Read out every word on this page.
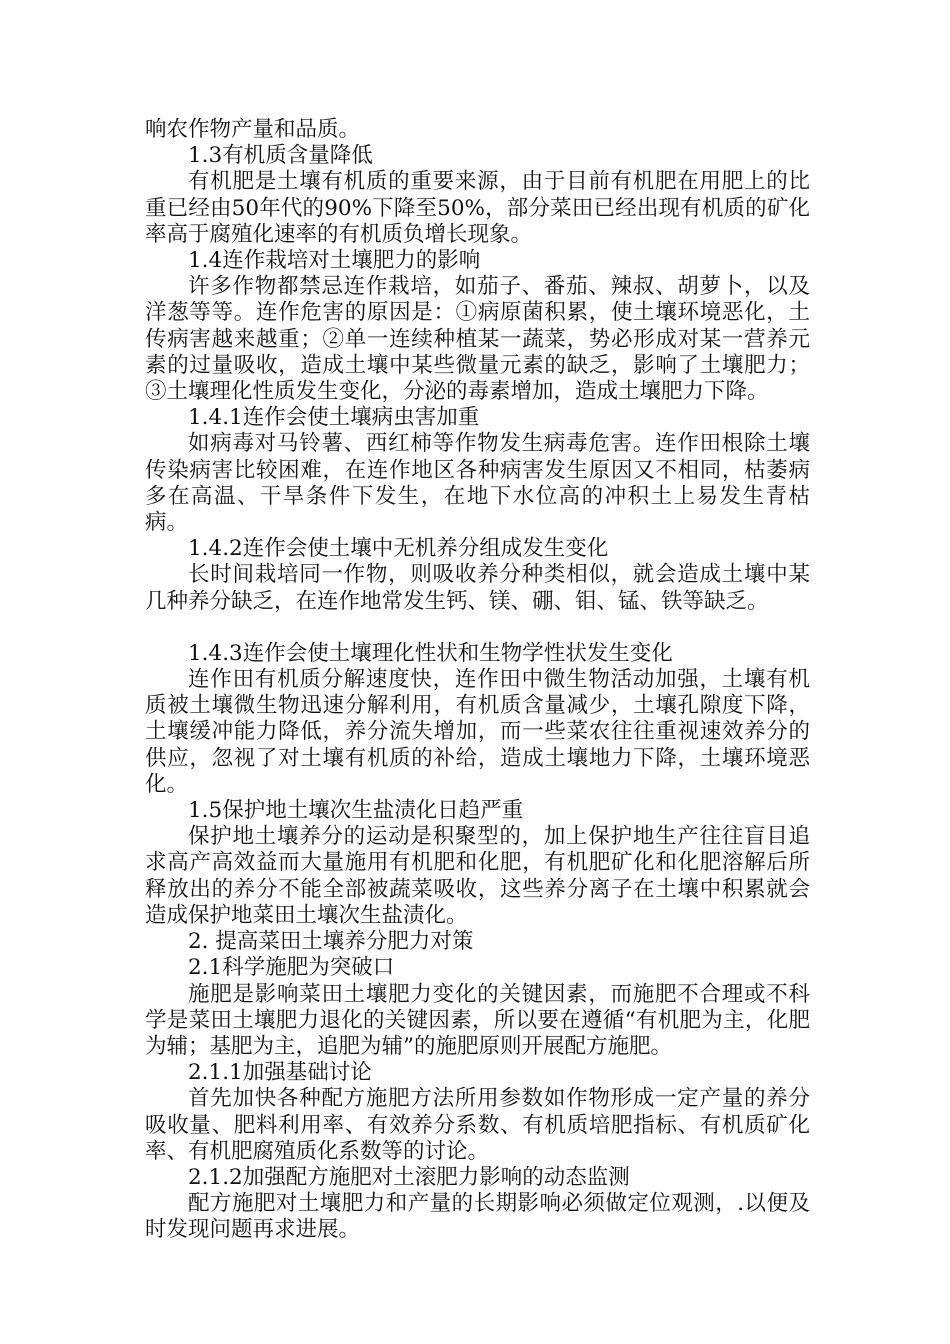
响农作物产量和品质。

1.3有机质含量降低

有机肥是土壤有机质的重要来源，由于目前有机肥在用肥上的比重已经由50年代的90%下降至50%，部分菜田已经出现有机质的矿化率高于腐殖化速率的有机质负增长现象。

1.4连作栽培对土壤肥力的影响

许多作物都禁忌连作栽培，如茄子、番茄、辣叔、胡萝卜，以及洋葱等等。连作危害的原因是：①病原菌积累，使土壤环境恶化，土传病害越来越重；②单一连续种植某一蔬菜，势必形成对某一营养元素的过量吸收，造成土壤中某些微量元素的缺乏，影响了土壤肥力；③土壤理化性质发生变化，分泌的毒素增加，造成土壤肥力下降。

1.4.1连作会使土壤病虫害加重

如病毒对马铃薯、西红柿等作物发生病毒危害。连作田根除土壤传染病害比较困难，在连作地区各种病害发生原因又不相同，枯萎病多在高温、干旱条件下发生，在地下水位高的冲积土上易发生青枯病。

1.4.2连作会使土壤中无机养分组成发生变化

长时间栽培同一作物，则吸收养分种类相似，就会造成土壤中某几种养分缺乏，在连作地常发生钙、镁、硼、钼、锰、铁等缺乏。

1.4.3连作会使土壤理化性状和生物学性状发生变化

连作田有机质分解速度快，连作田中微生物活动加强，土壤有机质被土壤微生物迅速分解利用，有机质含量减少，土壤孔隙度下降，土壤缓冲能力降低，养分流失增加，而一些菜农往往重视速效养分的供应，忽视了对土壤有机质的补给，造成土壤地力下降，土壤环境恶化。

1.5保护地土壤次生盐渍化日趋严重

保护地土壤养分的运动是积聚型的，加上保护地生产往往盲目追求高产高效益而大量施用有机肥和化肥，有机肥矿化和化肥溶解后所释放出的养分不能全部被蔬菜吸收，这些养分离子在土壤中积累就会造成保护地菜田土壤次生盐渍化。

2. 提高菜田土壤养分肥力对策

2.1科学施肥为突破口

施肥是影响菜田土壤肥力变化的关键因素，而施肥不合理或不科学是菜田土壤肥力退化的关键因素，所以要在遵循“有机肥为主，化肥为辅；基肥为主，追肥为辅”的施肥原则开展配方施肥。

2.1.1加强基础讨论

首先加快各种配方施肥方法所用参数如作物形成一定产量的养分吸收量、肥料利用率、有效养分系数、有机质培肥指标、有机质矿化率、有机肥腐殖质化系数等的讨论。

2.1.2加强配方施肥对土滚肥力影响的动态监测

配方施肥对土壤肥力和产量的长期影响必须做定位观测，.以便及时发现问题再求进展。
